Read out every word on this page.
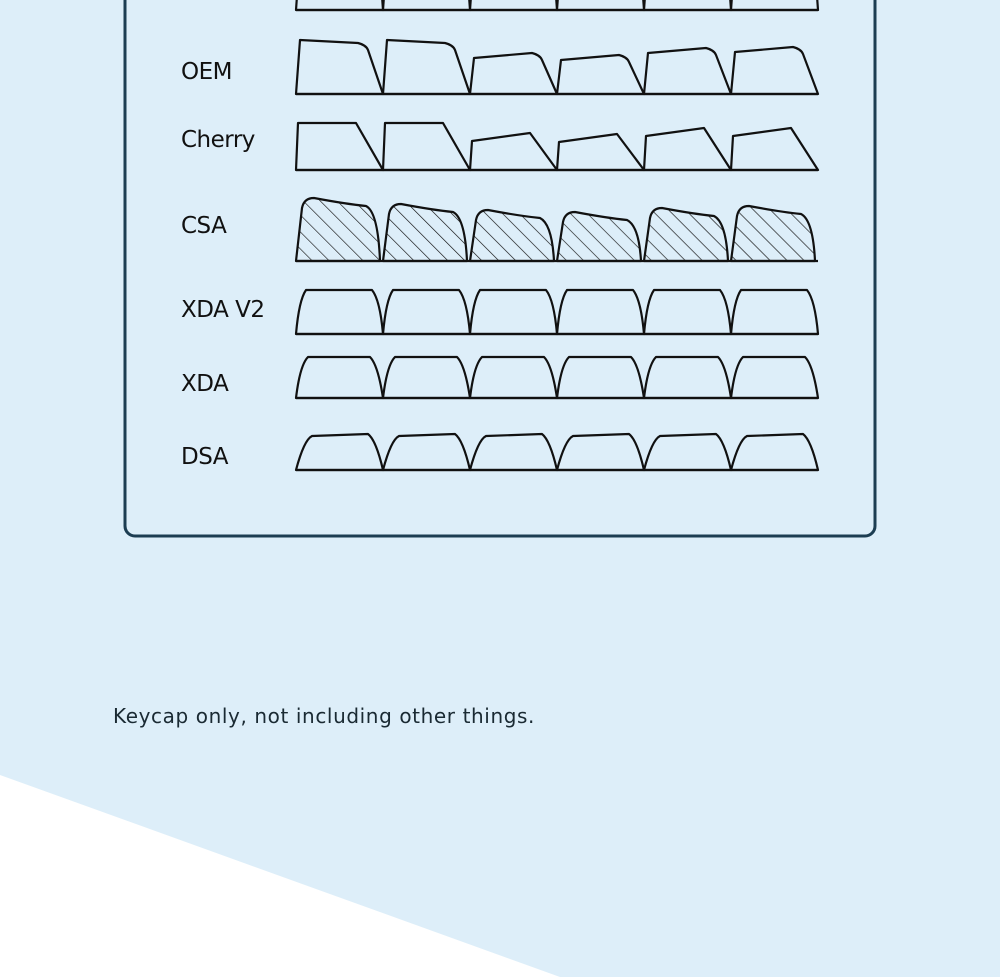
OEM
Cherry
CSA
XDA V2
XDA
DSA
Keycap only, not including other things.
